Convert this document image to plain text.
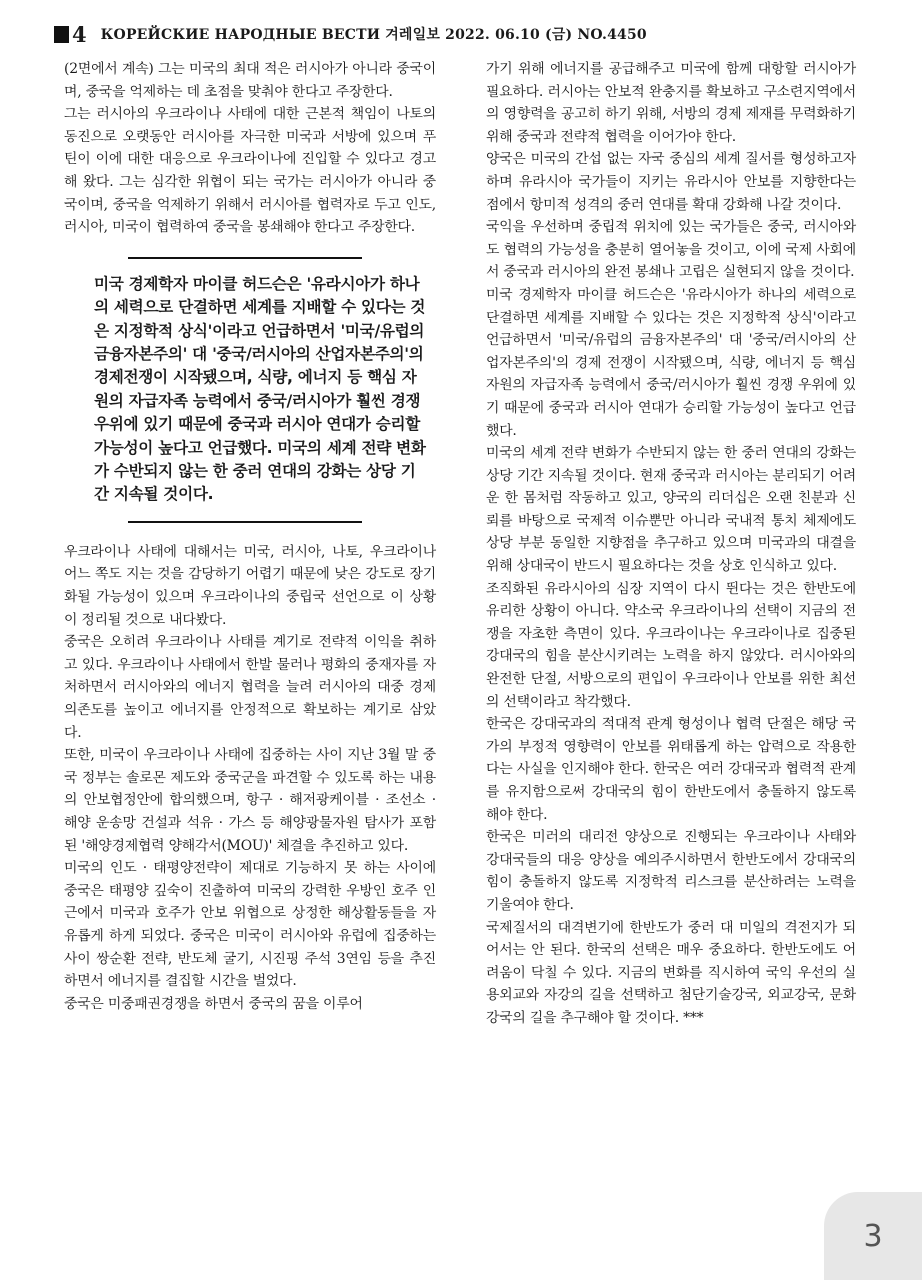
4 КОРЕЙСКИЕ НАРОДНЫЕ ВЕСТИ 겨레일보 2022. 06.10 (금) NO.4450

(2면에서 계속) 그는 미국의 최대 적은 러시아가 아니라 중국이며, 중국을 억제하는 데 초점을 맞춰야 한다고 주장한다.

그는 러시아의 우크라이나 사태에 대한 근본적 책임이 나토의 동진으로 오랫동안 러시아를 자극한 미국과 서방에 있으며 푸틴이 이에 대한 대응으로 우크라이나에 진입할 수 있다고 경고해 왔다. 그는 심각한 위협이 되는 국가는 러시아가 아니라 중국이며, 중국을 억제하기 위해서 러시아를 협력자로 두고 인도, 러시아, 미국이 협력하여 중국을 봉쇄해야 한다고 주장한다.

미국 경제학자 마이클 허드슨은 '유라시아가 하나의 세력으로 단결하면 세계를 지배할 수 있다는 것은 지정학적 상식'이라고 언급하면서 '미국/유럽의 금융자본주의' 대 '중국/러시아의 산업자본주의'의 경제전쟁이 시작됐으며, 식량, 에너지 등 핵심 자원의 자급자족 능력에서 중국/러시아가 훨씬 경쟁 우위에 있기 때문에 중국과 러시아 연대가 승리할 가능성이 높다고 언급했다. 미국의 세계 전략 변화가 수반되지 않는 한 중러 연대의 강화는 상당 기간 지속될 것이다.

우크라이나 사태에 대해서는 미국, 러시아, 나토, 우크라이나 어느 쪽도 지는 것을 감당하기 어렵기 때문에 낮은 강도로 장기화될 가능성이 있으며 우크라이나의 중립국 선언으로 이 상황이 정리될 것으로 내다봤다.

중국은 오히려 우크라이나 사태를 계기로 전략적 이익을 취하고 있다. 우크라이나 사태에서 한발 물러나 평화의 중재자를 자처하면서 러시아와의 에너지 협력을 늘려 러시아의 대중 경제의존도를 높이고 에너지를 안정적으로 확보하는 계기로 삼았다.

또한, 미국이 우크라이나 사태에 집중하는 사이 지난 3월 말 중국 정부는 솔로몬 제도와 중국군을 파견할 수 있도록 하는 내용의 안보협정안에 합의했으며, 항구 · 해저광케이블 · 조선소 · 해양 운송망 건설과 석유 · 가스 등 해양광물자원 탐사가 포함된 '해양경제협력 양해각서(MOU)' 체결을 추진하고 있다.

미국의 인도 · 태평양전략이 제대로 기능하지 못 하는 사이에 중국은 태평양 깊숙이 진출하여 미국의 강력한 우방인 호주 인근에서 미국과 호주가 안보 위협으로 상정한 해상활동들을 자유롭게 하게 되었다. 중국은 미국이 러시아와 유럽에 집중하는 사이 쌍순환 전략, 반도체 굴기, 시진핑 주석 3연임 등을 추진하면서 에너지를 결집할 시간을 벌었다.

중국은 미중패권경쟁을 하면서 중국의 꿈을 이루어

가기 위해 에너지를 공급해주고 미국에 함께 대항할 러시아가 필요하다. 러시아는 안보적 완충지를 확보하고 구소련지역에서의 영향력을 공고히 하기 위해, 서방의 경제 제재를 무력화하기 위해 중국과 전략적 협력을 이어가야 한다.

양국은 미국의 간섭 없는 자국 중심의 세계 질서를 형성하고자 하며 유라시아 국가들이 지키는 유라시아 안보를 지향한다는 점에서 항미적 성격의 중러 연대를 확대 강화해 나갈 것이다.

국익을 우선하며 중립적 위치에 있는 국가들은 중국, 러시아와도 협력의 가능성을 충분히 열어놓을 것이고, 이에 국제 사회에서 중국과 러시아의 완전 봉쇄나 고립은 실현되지 않을 것이다.

미국 경제학자 마이클 허드슨은 '유라시아가 하나의 세력으로 단결하면 세계를 지배할 수 있다는 것은 지정학적 상식'이라고 언급하면서 '미국/유럽의 금융자본주의' 대 '중국/러시아의 산업자본주의'의 경제 전쟁이 시작됐으며, 식량, 에너지 등 핵심 자원의 자급자족 능력에서 중국/러시아가 훨씬 경쟁 우위에 있기 때문에 중국과 러시아 연대가 승리할 가능성이 높다고 언급했다.

미국의 세계 전략 변화가 수반되지 않는 한 중러 연대의 강화는 상당 기간 지속될 것이다. 현재 중국과 러시아는 분리되기 어려운 한 몸처럼 작동하고 있고, 양국의 리더십은 오랜 친분과 신뢰를 바탕으로 국제적 이슈뿐만 아니라 국내적 통치 체제에도 상당 부분 동일한 지향점을 추구하고 있으며 미국과의 대결을 위해 상대국이 반드시 필요하다는 것을 상호 인식하고 있다.

조직화된 유라시아의 심장 지역이 다시 뛴다는 것은 한반도에 유리한 상황이 아니다. 약소국 우크라이나의 선택이 지금의 전쟁을 자초한 측면이 있다. 우크라이나는 우크라이나로 집중된 강대국의 힘을 분산시키려는 노력을 하지 않았다. 러시아와의 완전한 단절, 서방으로의 편입이 우크라이나 안보를 위한 최선의 선택이라고 착각했다.

한국은 강대국과의 적대적 관계 형성이나 협력 단절은 해당 국가의 부정적 영향력이 안보를 위태롭게 하는 압력으로 작용한다는 사실을 인지해야 한다. 한국은 여러 강대국과 협력적 관계를 유지함으로써 강대국의 힘이 한반도에서 충돌하지 않도록 해야 한다.

한국은 미러의 대리전 양상으로 진행되는 우크라이나 사태와 강대국들의 대응 양상을 예의주시하면서 한반도에서 강대국의 힘이 충돌하지 않도록 지정학적 리스크를 분산하려는 노력을 기울여야 한다.

국제질서의 대격변기에 한반도가 중러 대 미일의 격전지가 되어서는 안 된다. 한국의 선택은 매우 중요하다. 한반도에도 어려움이 닥칠 수 있다. 지금의 변화를 직시하여 국익 우선의 실용외교와 자강의 길을 선택하고 첨단기술강국, 외교강국, 문화강국의 길을 추구해야 할 것이다. ***

3
